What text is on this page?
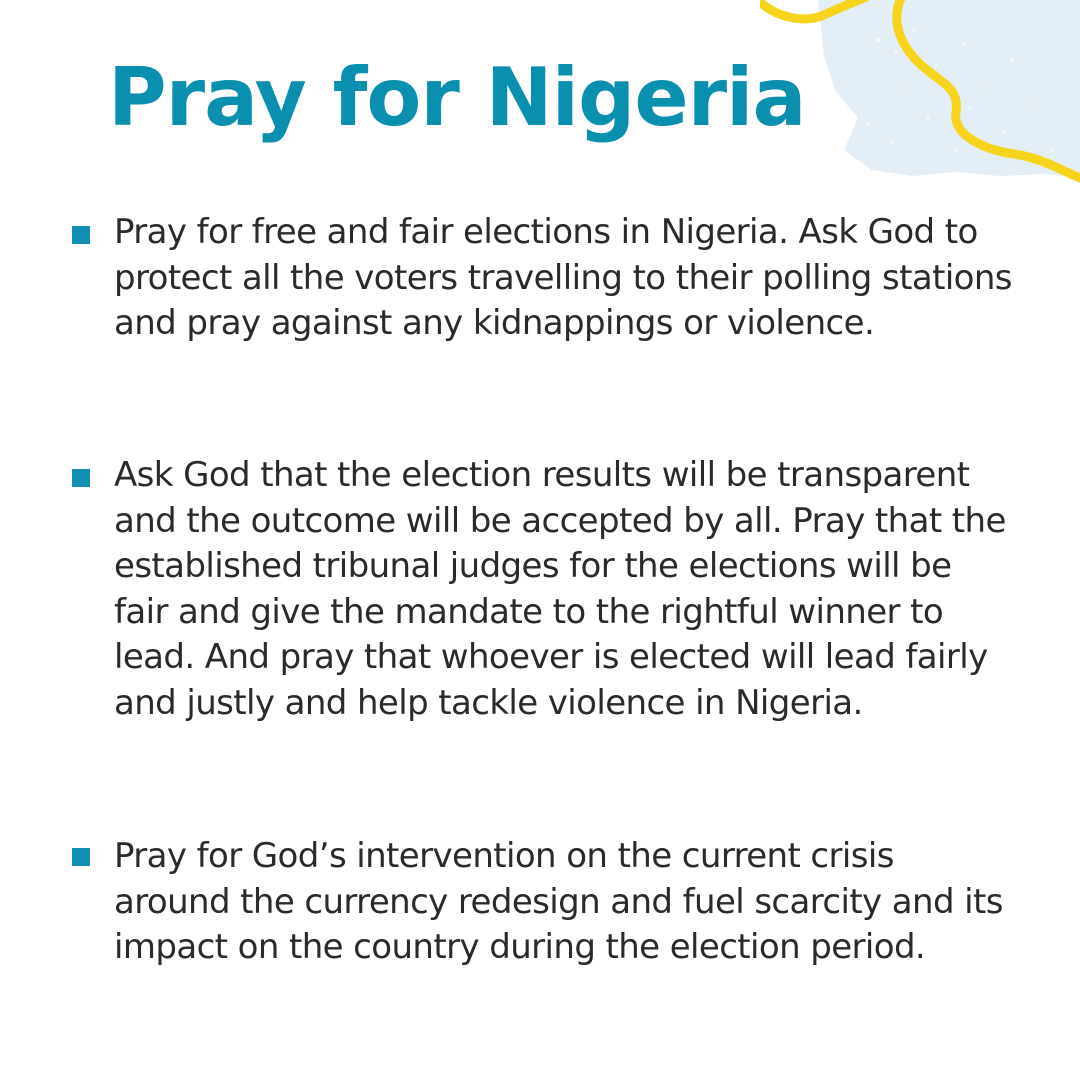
Pray for Nigeria

Pray for free and fair elections in Nigeria. Ask God to protect all the voters travelling to their polling stations and pray against any kidnappings or violence.

Ask God that the election results will be transparent and the outcome will be accepted by all. Pray that the established tribunal judges for the elections will be fair and give the mandate to the rightful winner to lead. And pray that whoever is elected will lead fairly and justly and help tackle violence in Nigeria.

Pray for God’s intervention on the current crisis around the currency redesign and fuel scarcity and its impact on the country during the election period.
